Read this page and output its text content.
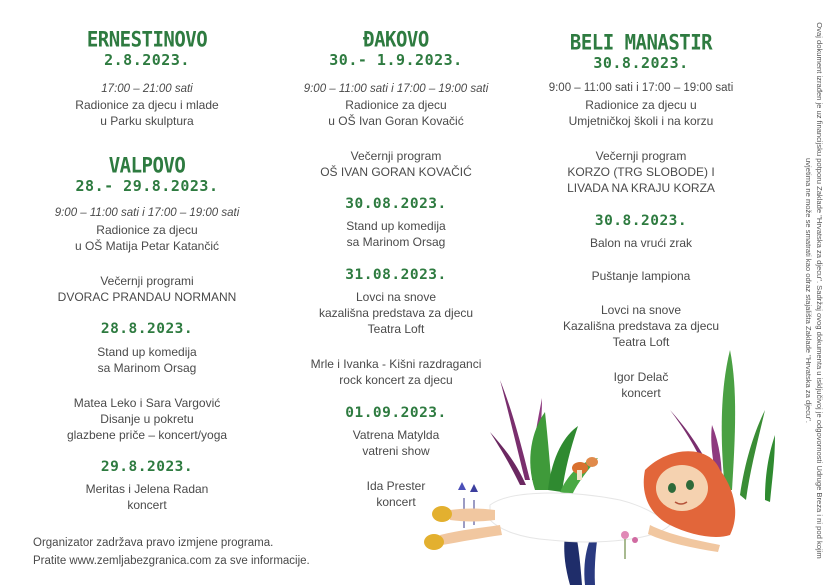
ERNESTINOVO
2.8.2023.
17:00 – 21:00 sati
Radionice za djecu i mlade
u Parku skulptura
VALPOVO
28.- 29.8.2023.
9:00 – 11:00 sati i 17:00 – 19:00 sati
Radionice za djecu
u OŠ Matija Petar Katančić
Večernji programi
DVORAC PRANDAU NORMANN
28.8.2023.
Stand up komedija
sa Marinom Orsag
Matea Leko i Sara Vargović
Disanje u pokretu
glazbene priče – koncert/yoga
29.8.2023.
Meritas i Jelena Radan
koncert
ĐAKOVO
30.- 1.9.2023.
9:00 – 11:00 sati i 17:00 – 19:00 sati
Radionice za djecu
u OŠ Ivan Goran Kovačić
Večernji program
OŠ IVAN GORAN KOVAČIĆ
30.08.2023.
Stand up komedija
sa Marinom Orsag
31.08.2023.
Lovci na snove
kazališna predstava za djecu
Teatra Loft
Mrle i Ivanka - Kišni razdraganci
rock koncert za djecu
01.09.2023.
Vatrena Matylda
vatreni show
Ida Prester
koncert
BELI MANASTIR
30.8.2023.
9:00 – 11:00 sati i 17:00 – 19:00 sati
Radionice za djecu u
Umjetničkoj školi i na korzu
Večernji program
KORZO (TRG SLOBODE) I
LIVADA NA KRAJU KORZA
30.8.2023.
Balon na vrući zrak
Puštanje lampiona
Lovci na snove
Kazališna predstava za djecu
Teatra Loft
Igor Delač
koncert
Organizator zadržava pravo izmjene programa.
Pratite www.zemljabezgranica.com za sve informacije.
Ovaj dokument izrađen je uz financijsku potporu Zaklade "Hrvatska za djecu". Sadržaj ovog dokumenta u isključivoj je odgovornosti Udruge Breza i ni pod kojim uvjetima ne može se smatrati kao odraz stajališta Zaklade "Hrvatska za djecu".
